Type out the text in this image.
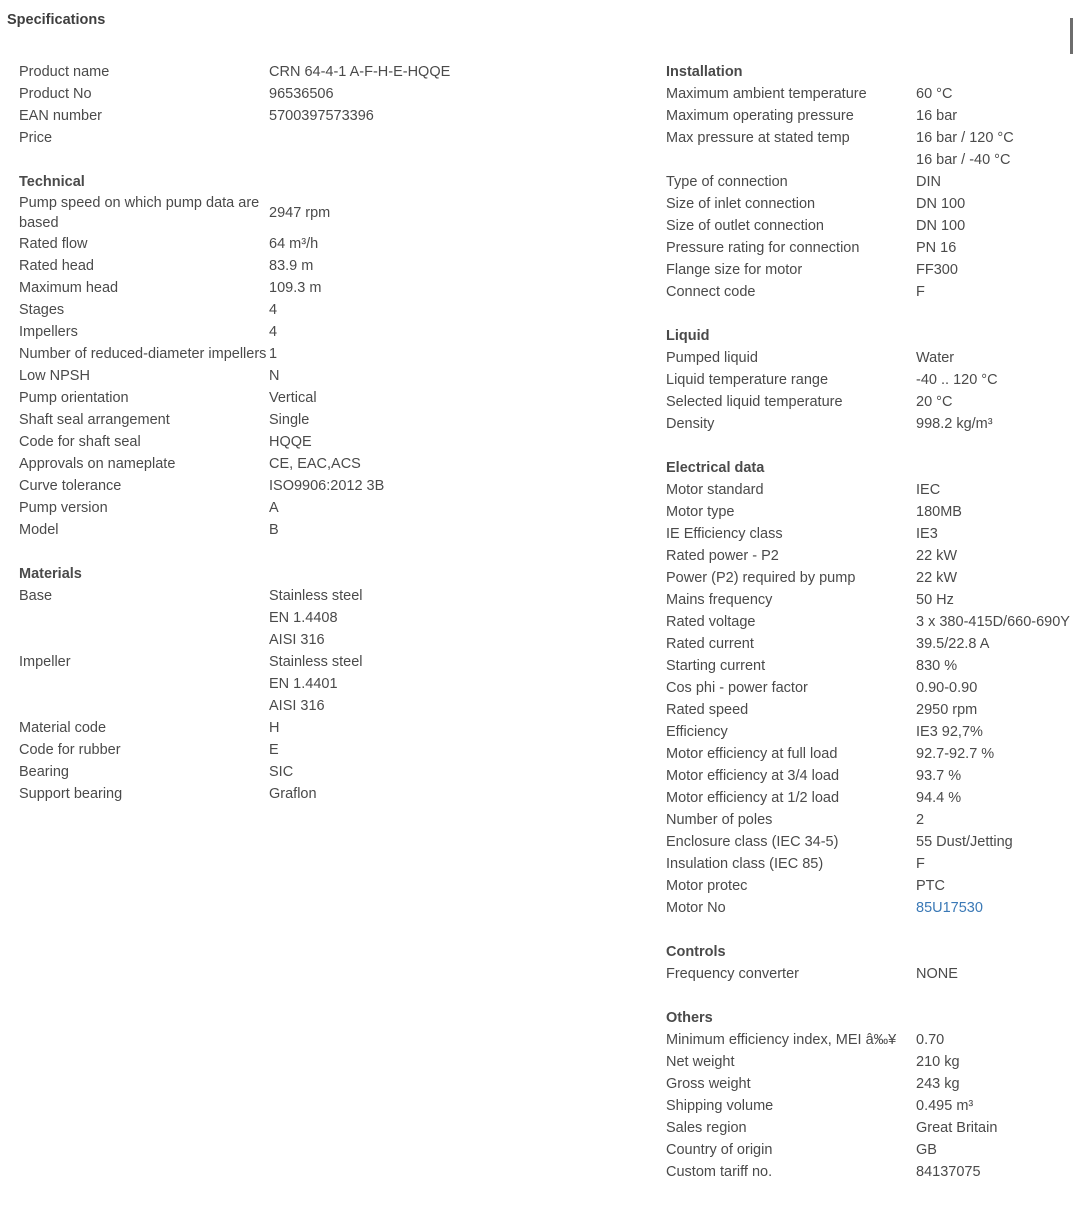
Specifications
Product name	CRN 64-4-1 A-F-H-E-HQQE
Product No	96536506
EAN number	5700397573396
Price
Technical
Pump speed on which pump data are based
2947 rpm
Rated flow	64 m³/h
Rated head	83.9 m
Maximum head	109.3 m
Stages	4
Impellers	4
Number of reduced-diameter impellers 1
Low NPSH	N
Pump orientation	Vertical
Shaft seal arrangement	Single
Code for shaft seal	HQQE
Approvals on nameplate	CE, EAC,ACS
Curve tolerance	ISO9906:2012 3B
Pump version	A
Model	B
Materials
Base	Stainless steel
EN 1.4408
AISI 316
Impeller	Stainless steel
EN 1.4401
AISI 316
Material code	H
Code for rubber	E
Bearing	SIC
Support bearing	Graflon
Installation
Maximum ambient temperature	60 °C
Maximum operating pressure	16 bar
Max pressure at stated temp	16 bar / 120 °C
16 bar / -40 °C
Type of connection	DIN
Size of inlet connection	DN 100
Size of outlet connection	DN 100
Pressure rating for connection	PN 16
Flange size for motor	FF300
Connect code	F
Liquid
Pumped liquid	Water
Liquid temperature range	-40 .. 120 °C
Selected liquid temperature	20 °C
Density	998.2 kg/m³
Electrical data
Motor standard	IEC
Motor type	180MB
IE Efficiency class	IE3
Rated power - P2	22 kW
Power (P2) required by pump	22 kW
Mains frequency	50 Hz
Rated voltage	3 x 380-415D/660-690Y
Rated current	39.5/22.8 A
Starting current	830 %
Cos phi - power factor	0.90-0.90
Rated speed	2950 rpm
Efficiency	IE3 92,7%
Motor efficiency at full load	92.7-92.7 %
Motor efficiency at 3/4 load	93.7 %
Motor efficiency at 1/2 load	94.4 %
Number of poles	2
Enclosure class (IEC 34-5)	55 Dust/Jetting
Insulation class (IEC 85)	F
Motor protec	PTC
Motor No	85U17530
Controls
Frequency converter	NONE
Others
Minimum efficiency index, MEI â‰¥	0.70
Net weight	210 kg
Gross weight	243 kg
Shipping volume	0.495 m³
Sales region	Great Britain
Country of origin	GB
Custom tariff no.	84137075
